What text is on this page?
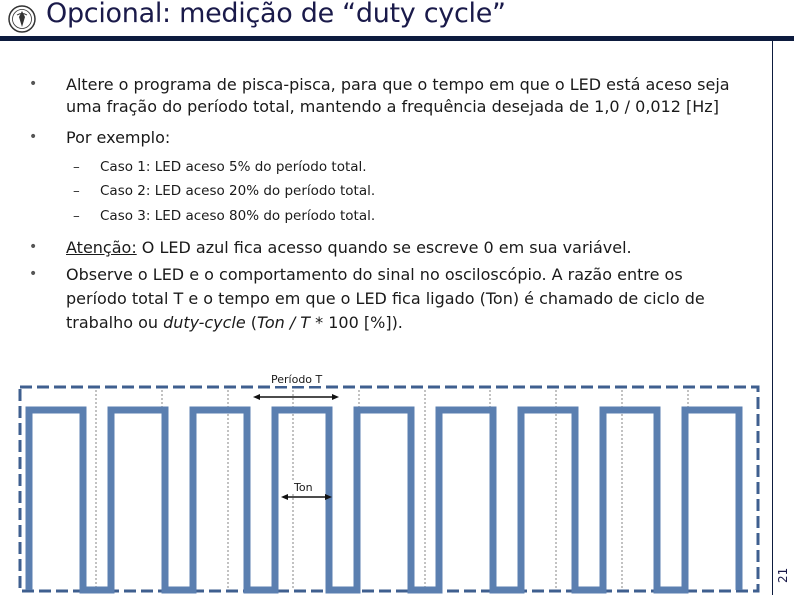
Opcional: medição de “duty cycle”
21
• Altere o programa de pisca-pisca, para que o tempo em que o LED está aceso seja
uma fração do período total, mantendo a frequência desejada de 1,0 / 0,012 [Hz]
• Por exemplo:
– Caso 1: LED aceso 5% do período total.
– Caso 2: LED aceso 20% do período total.
– Caso 3: LED aceso 80% do período total.
• Atenção: O LED azul fica acesso quando se escreve 0 em sua variável.
• Observe o LED e o comportamento do sinal no osciloscópio. A razão entre os
período total T e o tempo em que o LED fica ligado (Ton) é chamado de ciclo de
trabalho ou duty-cycle (Ton / T * 100 [%]).
Período T
Ton
